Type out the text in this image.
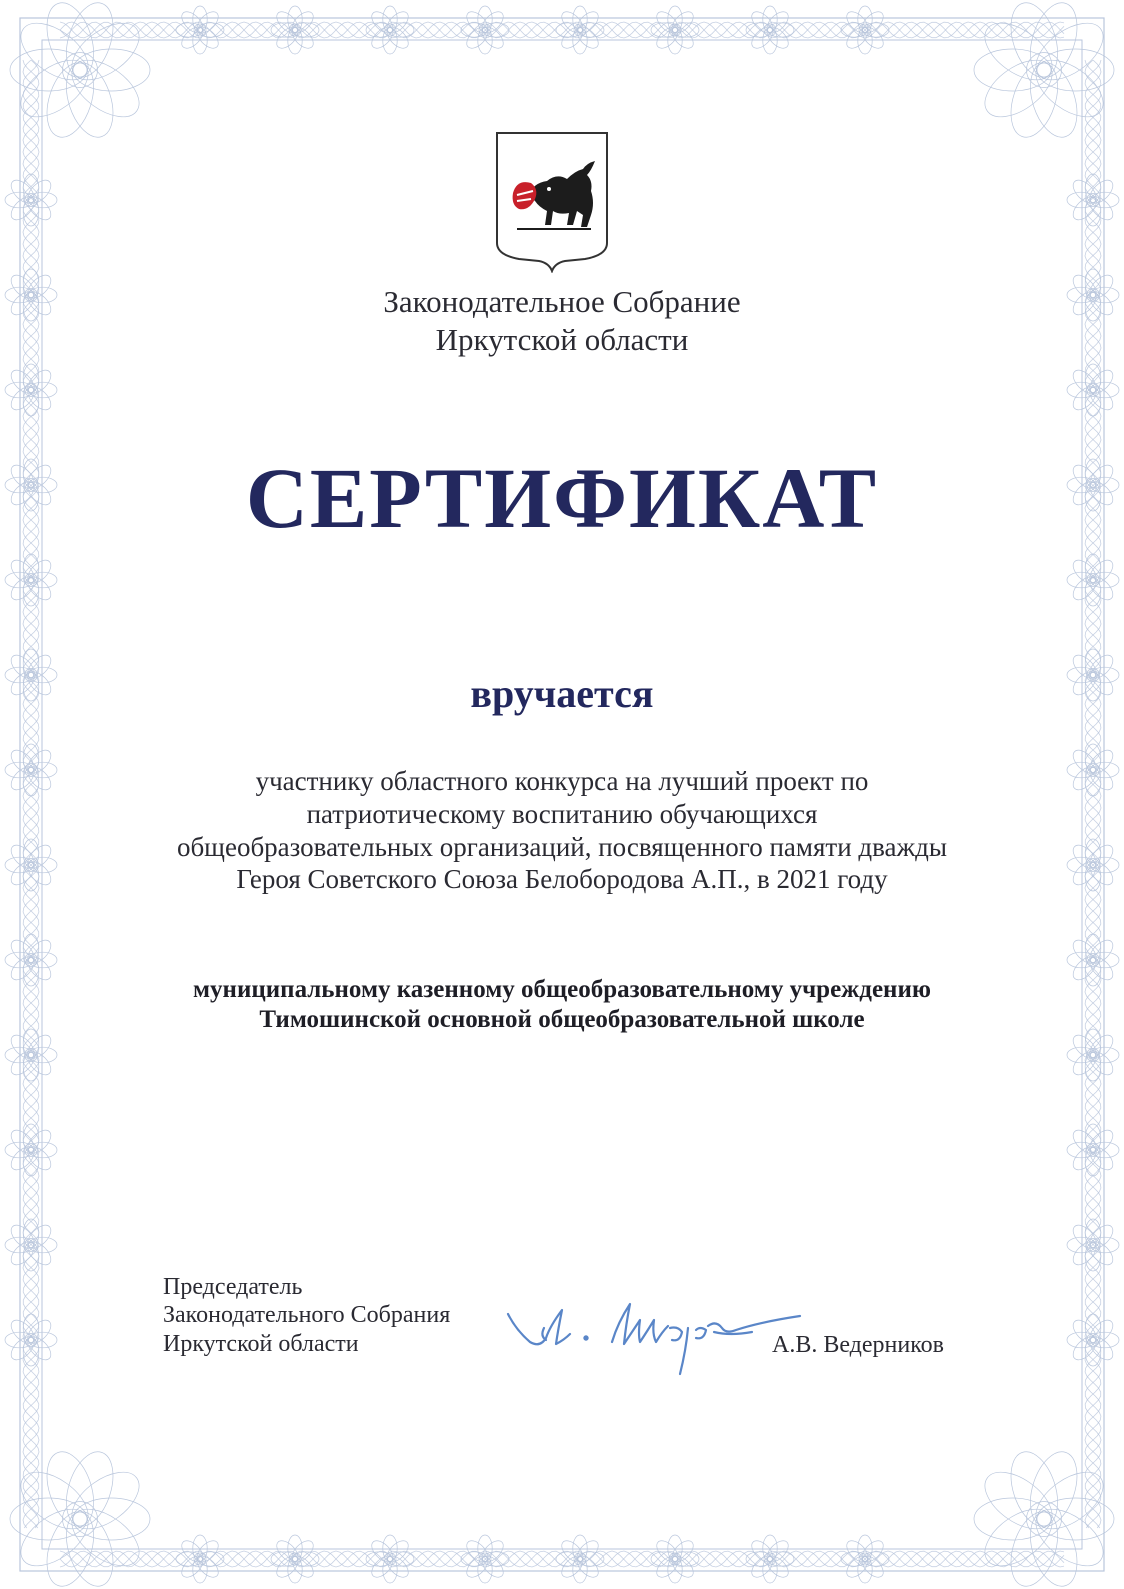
Законодательное Собрание
Иркутской области
СЕРТИФИКАТ
вручается
участнику областного конкурса на лучший проект по
патриотическому воспитанию обучающихся
общеобразовательных организаций, посвященного памяти дважды
Героя Советского Союза Белобородова А.П., в 2021 году
муниципальному казенному общеобразовательному учреждению
Тимошинской основной общеобразовательной школе
Председатель
Законодательного Собрания
Иркутской области	А.В. Ведерников
